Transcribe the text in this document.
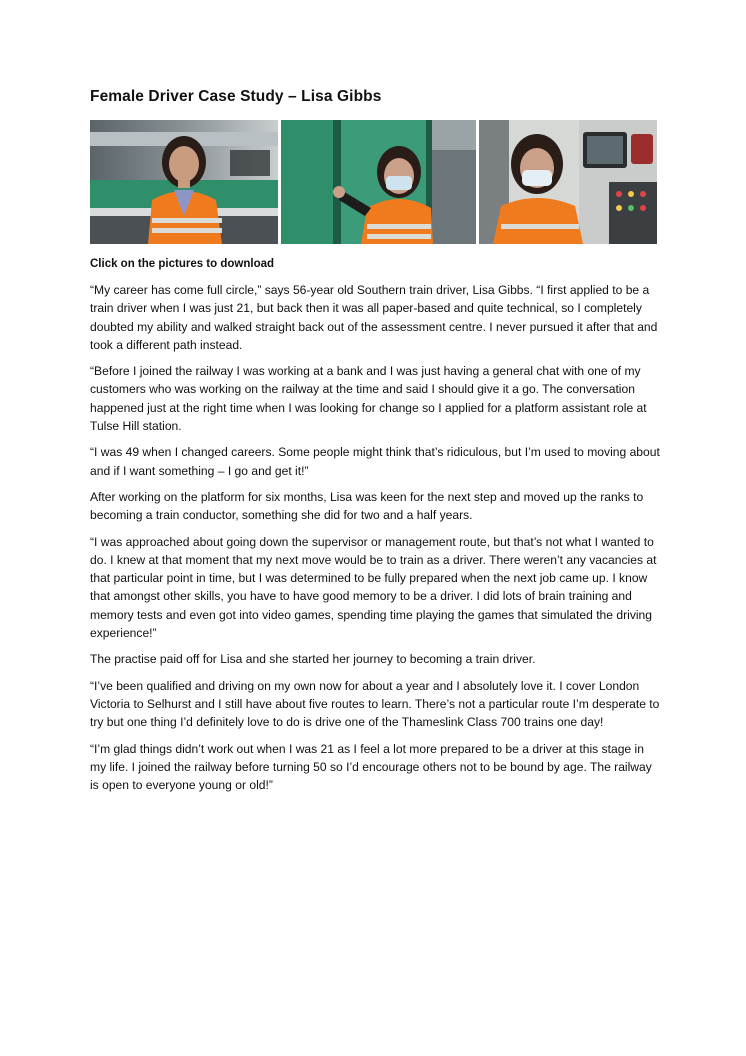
Female Driver Case Study – Lisa Gibbs

Click on the pictures to download

“My career has come full circle,” says 56-year old Southern train driver, Lisa Gibbs. “I first applied to be a train driver when I was just 21, but back then it was all paper-based and quite technical, so I completely doubted my ability and walked straight back out of the assessment centre. I never pursued it after that and took a different path instead.

“Before I joined the railway I was working at a bank and I was just having a general chat with one of my customers who was working on the railway at the time and said I should give it a go. The conversation happened just at the right time when I was looking for change so I applied for a platform assistant role at Tulse Hill station.

“I was 49 when I changed careers. Some people might think that’s ridiculous, but I’m used to moving about and if I want something – I go and get it!”

After working on the platform for six months, Lisa was keen for the next step and moved up the ranks to becoming a train conductor, something she did for two and a half years.

“I was approached about going down the supervisor or management route, but that’s not what I wanted to do. I knew at that moment that my next move would be to train as a driver. There weren’t any vacancies at that particular point in time, but I was determined to be fully prepared when the next job came up. I know that amongst other skills, you have to have good memory to be a driver. I did lots of brain training and memory tests and even got into video games, spending time playing the games that simulated the driving experience!”

The practise paid off for Lisa and she started her journey to becoming a train driver.

“I’ve been qualified and driving on my own now for about a year and I absolutely love it. I cover London Victoria to Selhurst and I still have about five routes to learn. There’s not a particular route I’m desperate to try but one thing I’d definitely love to do is drive one of the Thameslink Class 700 trains one day!

“I’m glad things didn’t work out when I was 21 as I feel a lot more prepared to be a driver at this stage in my life. I joined the railway before turning 50 so I’d encourage others not to be bound by age. The railway is open to everyone young or old!”
